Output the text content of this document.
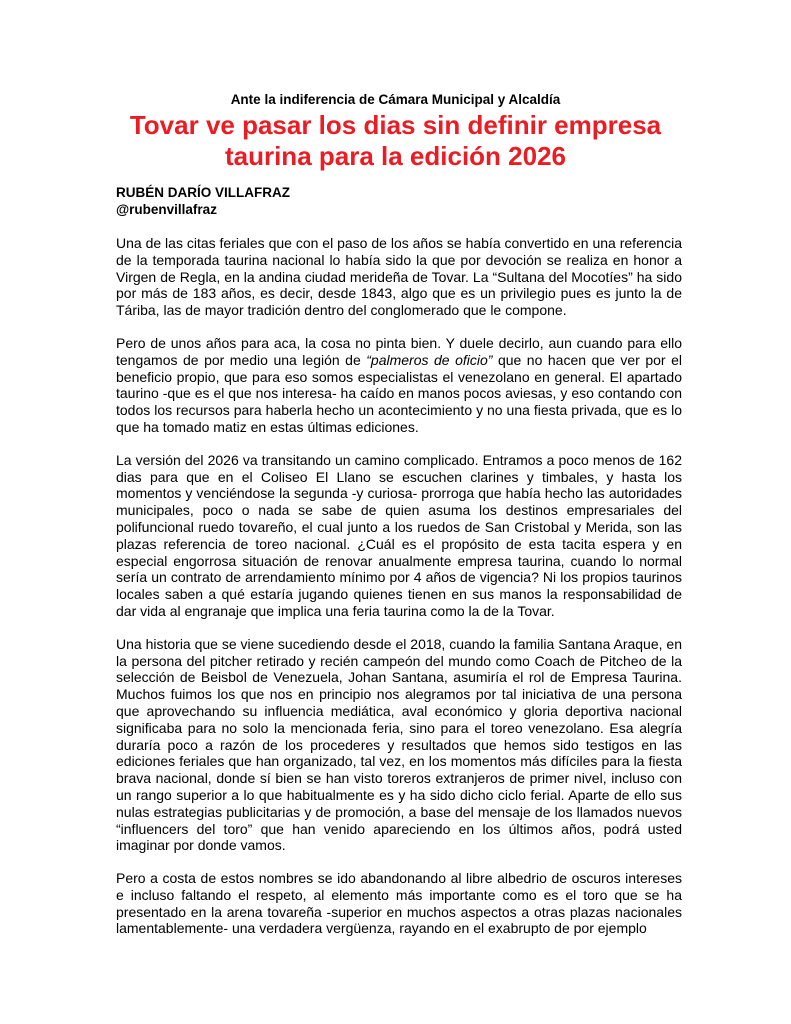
Ante la indiferencia de Cámara Municipal y Alcaldía
Tovar ve pasar los dias sin definir empresa
taurina para la edición 2026
RUBÉN DARÍO VILLAFRAZ
@rubenvillafraz

Una de las citas feriales que con el paso de los años se había convertido en una referencia de la temporada taurina nacional lo había sido la que por devoción se realiza en honor a Virgen de Regla, en la andina ciudad merideña de Tovar. La “Sultana del Mocotíes” ha sido por más de 183 años, es decir, desde 1843, algo que es un privilegio pues es junto la de Táriba, las de mayor tradición dentro del conglomerado que le compone.

Pero de unos años para aca, la cosa no pinta bien. Y duele decirlo, aun cuando para ello tengamos de por medio una legión de “palmeros de oficio” que no hacen que ver por el beneficio propio, que para eso somos especialistas el venezolano en general. El apartado taurino -que es el que nos interesa- ha caído en manos pocos aviesas, y eso contando con todos los recursos para haberla hecho un acontecimiento y no una fiesta privada, que es lo que ha tomado matiz en estas últimas ediciones.

La versión del 2026 va transitando un camino complicado. Entramos a poco menos de 162 dias para que en el Coliseo El Llano se escuchen clarines y timbales, y hasta los momentos y venciéndose la segunda -y curiosa- prorroga que había hecho las autoridades municipales, poco o nada se sabe de quien asuma los destinos empresariales del polifuncional ruedo tovareño, el cual junto a los ruedos de San Cristobal y Merida, son las plazas referencia de toreo nacional. ¿Cuál es el propósito de esta tacita espera y en especial engorrosa situación de renovar anualmente empresa taurina, cuando lo normal sería un contrato de arrendamiento mínimo por 4 años de vigencia? Ni los propios taurinos locales saben a qué estaría jugando quienes tienen en sus manos la responsabilidad de dar vida al engranaje que implica una feria taurina como la de la Tovar.

Una historia que se viene sucediendo desde el 2018, cuando la familia Santana Araque, en la persona del pitcher retirado y recién campeón del mundo como Coach de Pitcheo de la selección de Beisbol de Venezuela, Johan Santana, asumiría el rol de Empresa Taurina. Muchos fuimos los que nos en principio nos alegramos por tal iniciativa de una persona que aprovechando su influencia mediática, aval económico y gloria deportiva nacional significaba para no solo la mencionada feria, sino para el toreo venezolano. Esa alegría duraría poco a razón de los procederes y resultados que hemos sido testigos en las ediciones feriales que han organizado, tal vez, en los momentos más difíciles para la fiesta brava nacional, donde sí bien se han visto toreros extranjeros de primer nivel, incluso con un rango superior a lo que habitualmente es y ha sido dicho ciclo ferial. Aparte de ello sus nulas estrategias publicitarias y de promoción, a base del mensaje de los llamados nuevos “influencers del toro” que han venido apareciendo en los últimos años, podrá usted imaginar por donde vamos.

Pero a costa de estos nombres se ido abandonando al libre albedrio de oscuros intereses e incluso faltando el respeto, al elemento más importante como es el toro que se ha presentado en la arena tovareña -superior en muchos aspectos a otras plazas nacionales lamentablemente- una verdadera vergüenza, rayando en el exabrupto de por ejemplo
